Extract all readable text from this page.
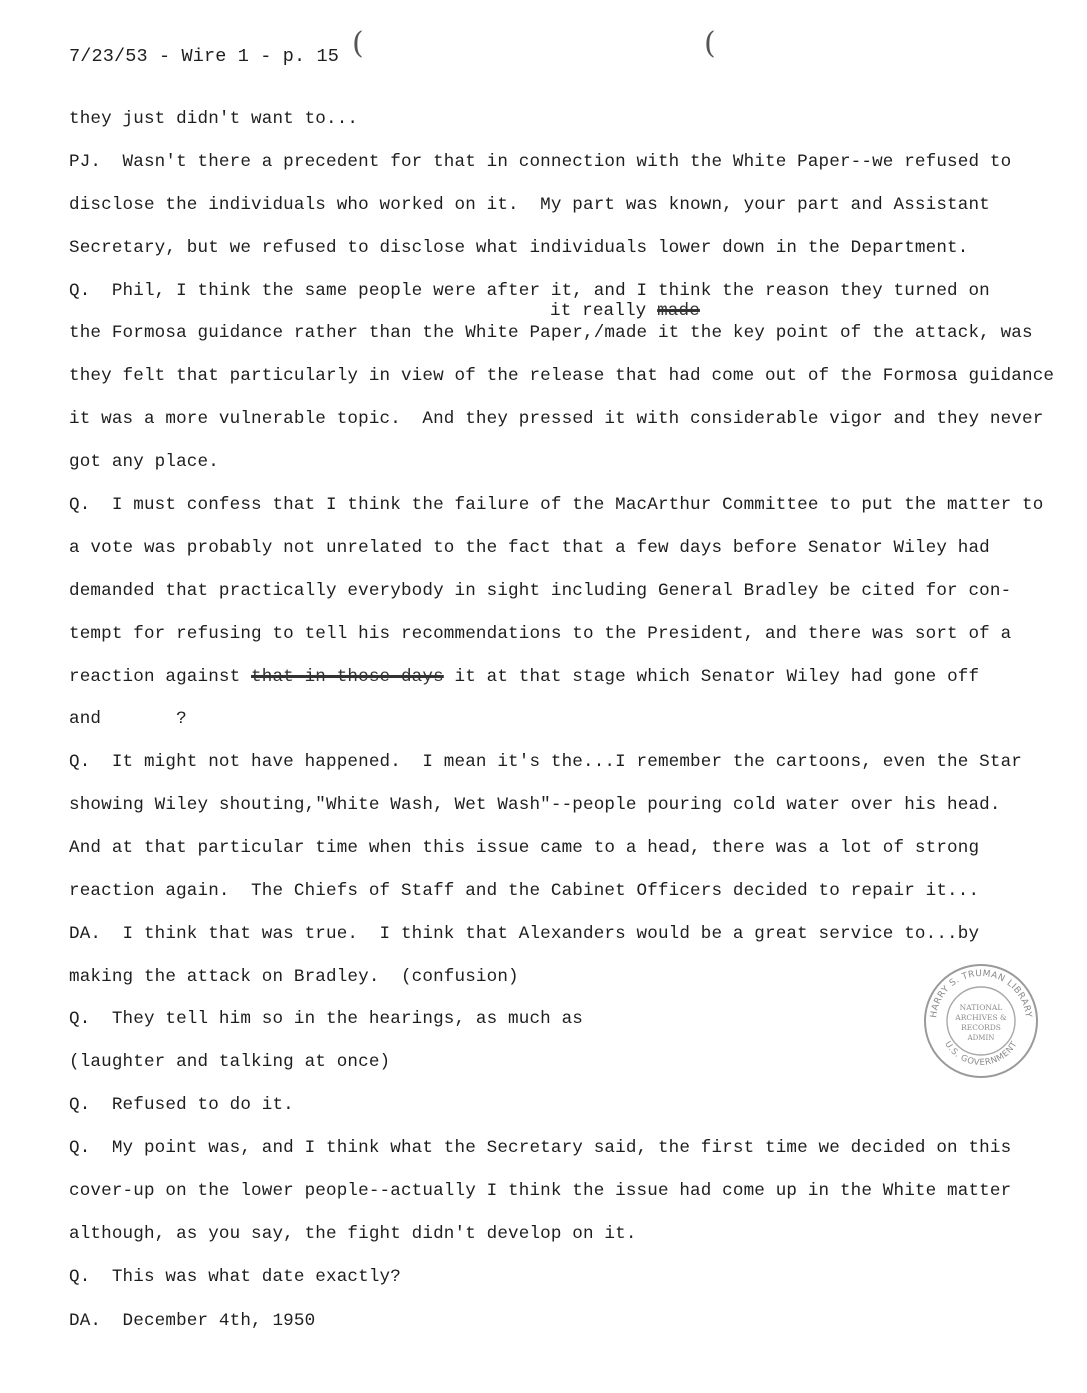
7/23/53 - Wire 1 - p. 15 (	(

they just didn't want to...

PJ.  Wasn't there a precedent for that in connection with the White Paper--we refused to

disclose the individuals who worked on it.  My part was known, your part and Assistant

Secretary, but we refused to disclose what individuals lower down in the Department.

Q.  Phil, I think the same people were after it, and I think the reason they turned on

it really made

the Formosa guidance rather than the White Paper,/made it the key point of the attack, was

they felt that particularly in view of the release that had come out of the Formosa guidance

it was a more vulnerable topic.  And they pressed it with considerable vigor and they never

got any place.

Q.  I must confess that I think the failure of the MacArthur Committee to put the matter to

a vote was probably not unrelated to the fact that a few days before Senator Wiley had

demanded that practically everybody in sight including General Bradley be cited for con-

tempt for refusing to tell his recommendations to the President, and there was sort of a

reaction against that in those days it at that stage which Senator Wiley had gone off

and       ?

Q.  It might not have happened.  I mean it's the...I remember the cartoons, even the Star

showing Wiley shouting,"White Wash, Wet Wash"--people pouring cold water over his head.

And at that particular time when this issue came to a head, there was a lot of strong

reaction again.  The Chiefs of Staff and the Cabinet Officers decided to repair it...

DA.  I think that was true.  I think that Alexanders would be a great service to...by

making the attack on Bradley.  (confusion)

Q.  They tell him so in the hearings, as much as

(laughter and talking at once)

Q.  Refused to do it.

Q.  My point was, and I think what the Secretary said, the first time we decided on this

cover-up on the lower people--actually I think the issue had come up in the White matter

although, as you say, the fight didn't develop on it.

Q.  This was what date exactly?

DA.  December 4th, 1950

HARRY S. TRUMAN LIBRARY
U.S. GOVERNMENT
NATIONAL
ARCHIVES &
RECORDS
ADMIN
